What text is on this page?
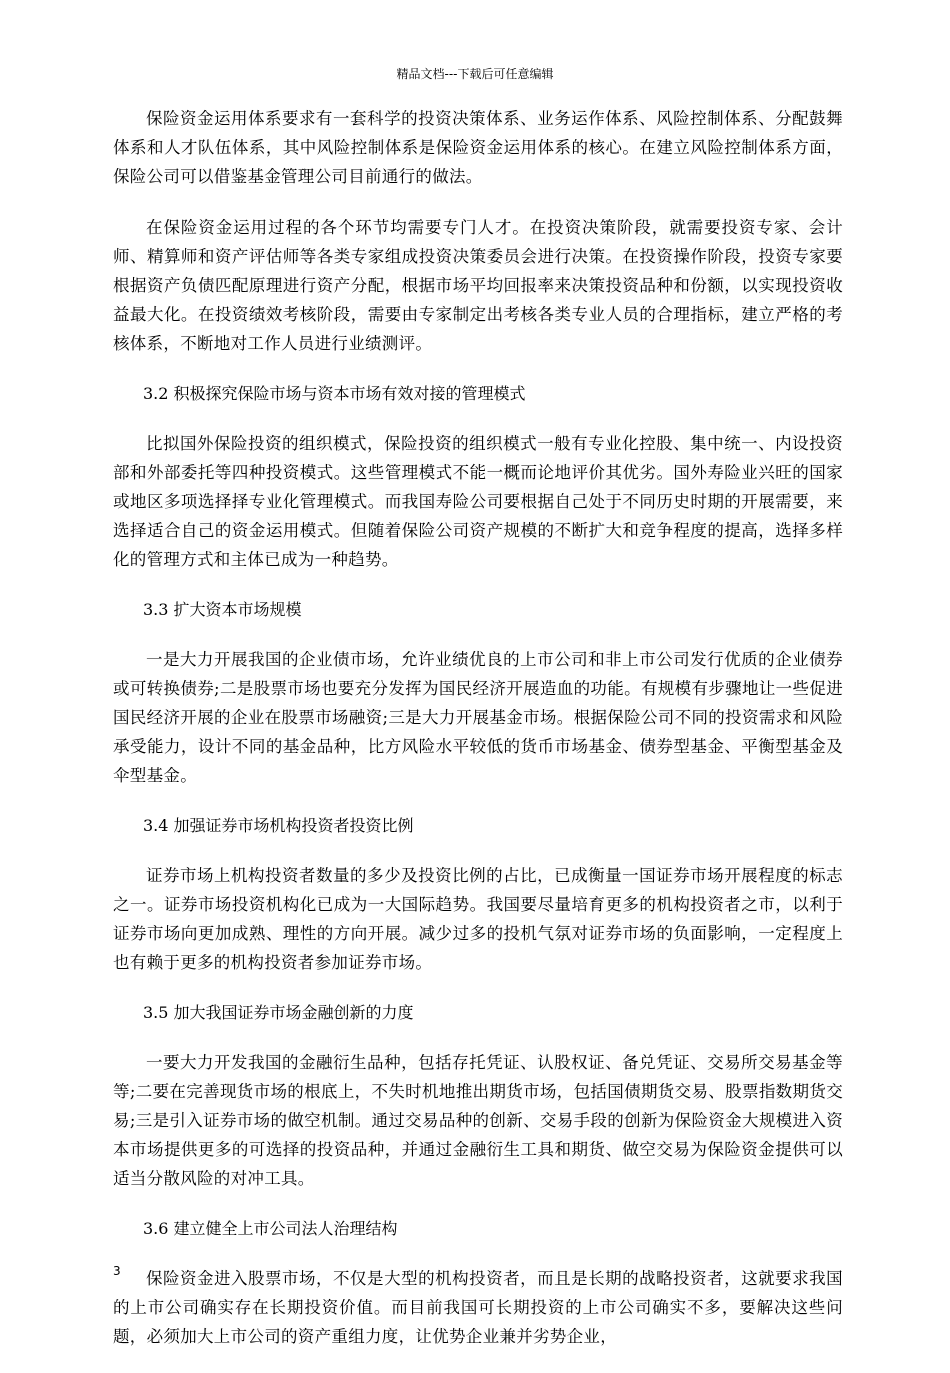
精品文档---下载后可任意编辑

保险资金运用体系要求有一套科学的投资决策体系、业务运作体系、风险控制体系、分配鼓舞体系和人才队伍体系，其中风险控制体系是保险资金运用体系的核心。在建立风险控制体系方面，保险公司可以借鉴基金管理公司目前通行的做法。

在保险资金运用过程的各个环节均需要专门人才。在投资决策阶段，就需要投资专家、会计师、精算师和资产评估师等各类专家组成投资决策委员会进行决策。在投资操作阶段，投资专家要根据资产负债匹配原理进行资产分配，根据市场平均回报率来决策投资品种和份额，以实现投资收益最大化。在投资绩效考核阶段，需要由专家制定出考核各类专业人员的合理指标，建立严格的考核体系，不断地对工作人员进行业绩测评。

3.2 积极探究保险市场与资本市场有效对接的管理模式

比拟国外保险投资的组织模式，保险投资的组织模式一般有专业化控股、集中统一、内设投资部和外部委托等四种投资模式。这些管理模式不能一概而论地评价其优劣。国外寿险业兴旺的国家或地区多项选择择专业化管理模式。而我国寿险公司要根据自己处于不同历史时期的开展需要，来选择适合自己的资金运用模式。但随着保险公司资产规模的不断扩大和竞争程度的提高，选择多样化的管理方式和主体已成为一种趋势。

3.3 扩大资本市场规模

一是大力开展我国的企业债市场，允许业绩优良的上市公司和非上市公司发行优质的企业债券或可转换债券;二是股票市场也要充分发挥为国民经济开展造血的功能。有规模有步骤地让一些促进国民经济开展的企业在股票市场融资;三是大力开展基金市场。根据保险公司不同的投资需求和风险承受能力，设计不同的基金品种，比方风险水平较低的货币市场基金、债券型基金、平衡型基金及伞型基金。

3.4 加强证券市场机构投资者投资比例

证券市场上机构投资者数量的多少及投资比例的占比，已成衡量一国证券市场开展程度的标志之一。证券市场投资机构化已成为一大国际趋势。我国要尽量培育更多的机构投资者之市，以利于证券市场向更加成熟、理性的方向开展。减少过多的投机气氛对证券市场的负面影响，一定程度上也有赖于更多的机构投资者参加证券市场。

3.5 加大我国证券市场金融创新的力度

一要大力开发我国的金融衍生品种，包括存托凭证、认股权证、备兑凭证、交易所交易基金等等;二要在完善现货市场的根底上，不失时机地推出期货市场，包括国债期货交易、股票指数期货交易;三是引入证券市场的做空机制。通过交易品种的创新、交易手段的创新为保险资金大规模进入资本市场提供更多的可选择的投资品种，并通过金融衍生工具和期货、做空交易为保险资金提供可以适当分散风险的对冲工具。

3.6 建立健全上市公司法人治理结构

保险资金进入股票市场，不仅是大型的机构投资者，而且是长期的战略投资者，这就要求我国的上市公司确实存在长期投资价值。而目前我国可长期投资的上市公司确实不多，要解决这些问题，必须加大上市公司的资产重组力度，让优势企业兼并劣势企业，

3
